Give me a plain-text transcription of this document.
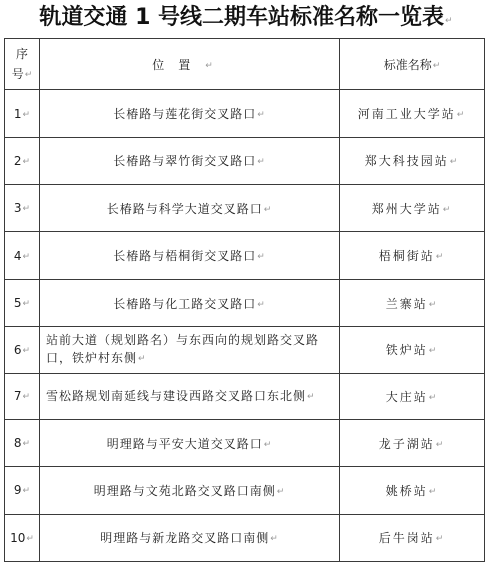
轨道交通 1 号线二期车站标准名称一览表↵
序
号↵	位置↵	标准名称↵
1↵	长椿路与莲花街交叉路口↵	河南工业大学站↵
2↵	长椿路与翠竹街交叉路口↵	郑大科技园站↵
3↵	长椿路与科学大道交叉路口↵	郑州大学站↵
4↵	长椿路与梧桐街交叉路口↵	梧桐街站↵
5↵	长椿路与化工路交叉路口↵	兰寨站↵
6↵	站前大道（规划路名）与东西向的规划路交叉路口，铁炉村东侧↵	铁炉站↵
7↵	雪松路规划南延线与建设西路交叉路口东北侧↵	大庄站↵
8↵	明理路与平安大道交叉路口↵	龙子湖站↵
9↵	明理路与文苑北路交叉路口南侧↵	姚桥站↵
10↵	明理路与新龙路交叉路口南侧↵	后牛岗站↵
